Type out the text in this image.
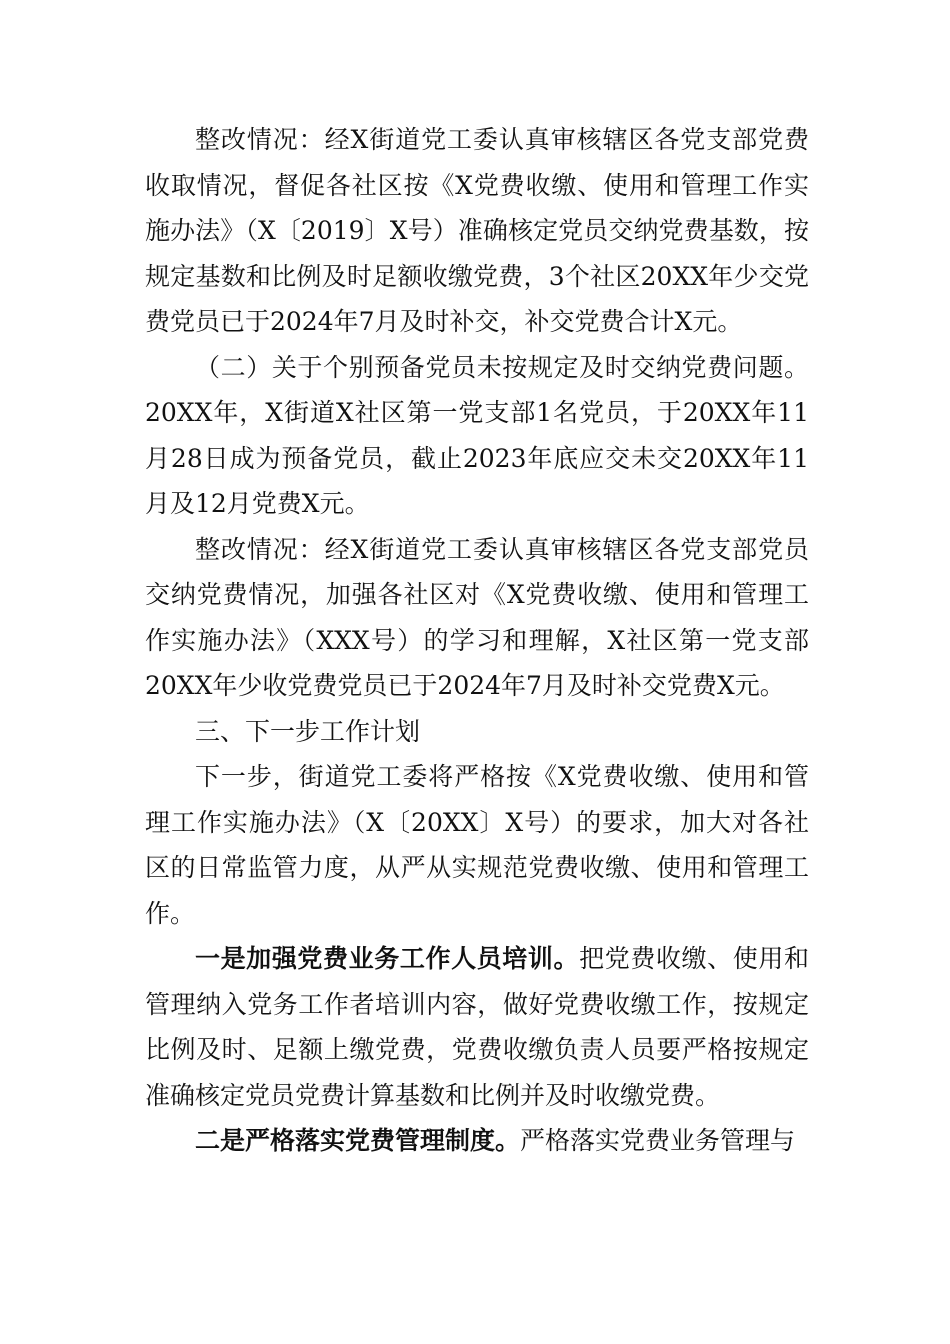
整改情况：经X街道党工委认真审核辖区各党支部党费收取情况，督促各社区按《X党费收缴、使用和管理工作实施办法》（X〔2019〕X号）准确核定党员交纳党费基数，按规定基数和比例及时足额收缴党费，3个社区20XX年少交党费党员已于2024年7月及时补交，补交党费合计X元。

（二）关于个别预备党员未按规定及时交纳党费问题。20XX年，X街道X社区第一党支部1名党员，于20XX年11月28日成为预备党员，截止2023年底应交未交20XX年11月及12月党费X元。

整改情况：经X街道党工委认真审核辖区各党支部党员交纳党费情况，加强各社区对《X党费收缴、使用和管理工作实施办法》（XXX号）的学习和理解，X社区第一党支部20XX年少收党费党员已于2024年7月及时补交党费X元。

三、下一步工作计划

下一步，街道党工委将严格按《X党费收缴、使用和管理工作实施办法》（X〔20XX〕X号）的要求，加大对各社区的日常监管力度，从严从实规范党费收缴、使用和管理工作。

一是加强党费业务工作人员培训。把党费收缴、使用和管理纳入党务工作者培训内容，做好党费收缴工作，按规定比例及时、足额上缴党费，党费收缴负责人员要严格按规定准确核定党员党费计算基数和比例并及时收缴党费。

二是严格落实党费管理制度。严格落实党费业务管理与
